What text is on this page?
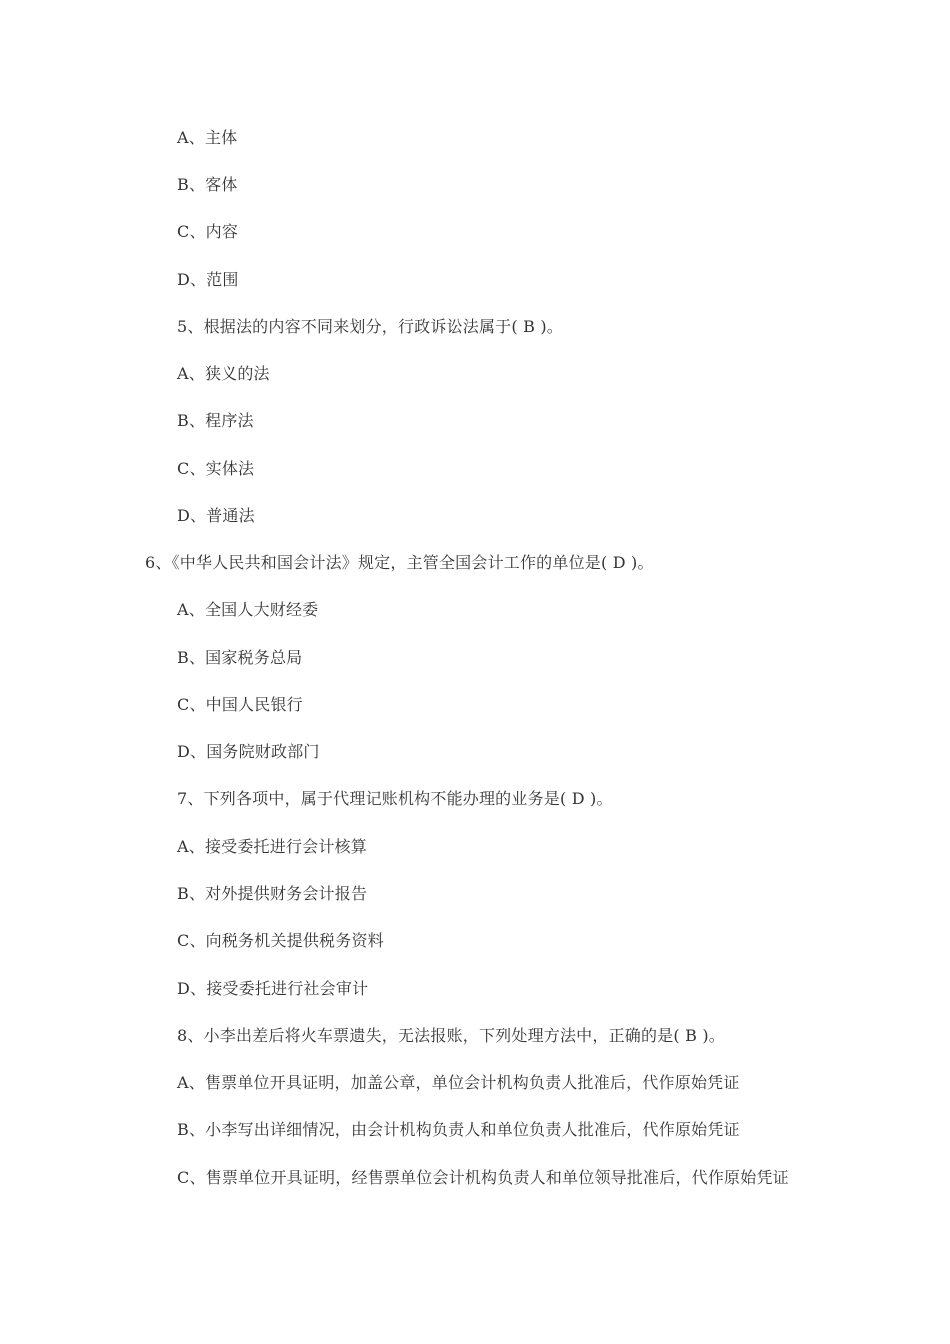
A、主体
B、客体
C、内容
D、范围
5、根据法的内容不同来划分，行政诉讼法属于( B )。
A、狭义的法
B、程序法
C、实体法
D、普通法
6、《中华人民共和国会计法》规定，主管全国会计工作的单位是( D )。
A、全国人大财经委
B、国家税务总局
C、中国人民银行
D、国务院财政部门
7、下列各项中，属于代理记账机构不能办理的业务是( D )。
A、接受委托进行会计核算
B、对外提供财务会计报告
C、向税务机关提供税务资料
D、接受委托进行社会审计
8、小李出差后将火车票遗失，无法报账，下列处理方法中，正确的是( B )。
A、售票单位开具证明，加盖公章，单位会计机构负责人批准后，代作原始凭证
B、小李写出详细情况，由会计机构负责人和单位负责人批准后，代作原始凭证
C、售票单位开具证明，经售票单位会计机构负责人和单位领导批准后，代作原始凭证
